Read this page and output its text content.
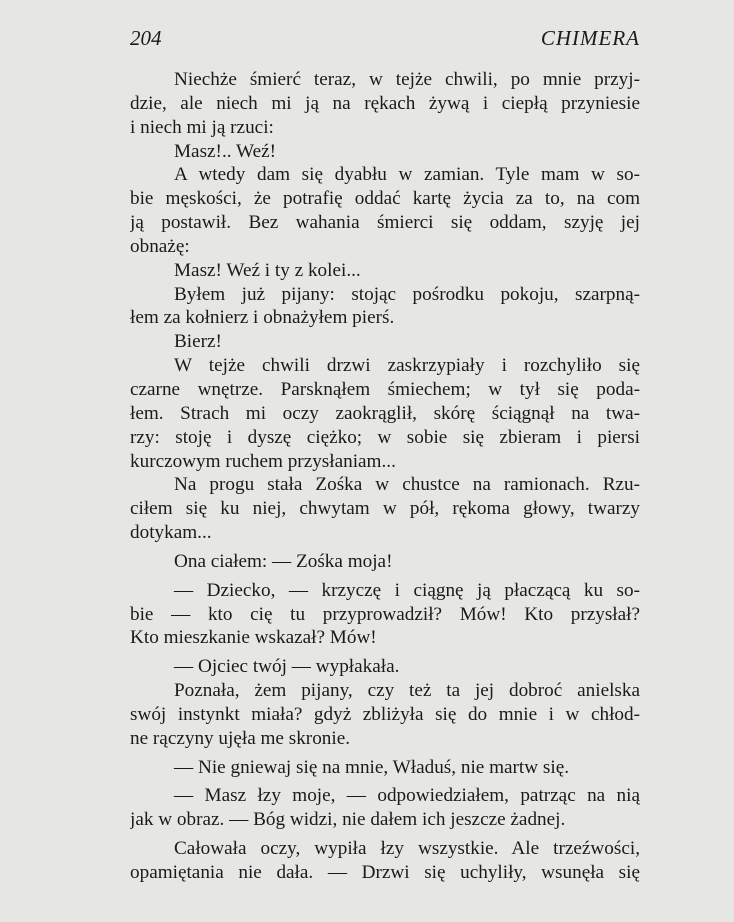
204	CHIMERA
Niechże śmierć teraz, w tejże chwili, po mnie przyj-
dzie, ale niech mi ją na rękach żywą i ciepłą przyniesie
i niech mi ją rzuci:
Masz!.. Weź!
A wtedy dam się dyabłu w zamian. Tyle mam w so-
bie męskości, że potrafię oddać kartę życia za to, na com
ją postawił. Bez wahania śmierci się oddam, szyję jej
obnażę:
Masz! Weź i ty z kolei...
Byłem już pijany: stojąc pośrodku pokoju, szarpną-
łem za kołnierz i obnażyłem pierś.
Bierz!
W tejże chwili drzwi zaskrzypiały i rozchyliło się
czarne wnętrze. Parsknąłem śmiechem; w tył się poda-
łem. Strach mi oczy zaokrąglił, skórę ściągnął na twa-
rzy: stoję i dyszę ciężko; w sobie się zbieram i piersi
kurczowym ruchem przysłaniam...
Na progu stała Zośka w chustce na ramionach. Rzu-
ciłem się ku niej, chwytam w pół, rękoma głowy, twarzy
dotykam...
Ona ciałem: — Zośka moja!
— Dziecko, — krzyczę i ciągnę ją płaczącą ku so-
bie — kto cię tu przyprowadził? Mów! Kto przysłał?
Kto mieszkanie wskazał? Mów!
— Ojciec twój — wypłakała.
Poznała, żem pijany, czy też ta jej dobroć anielska
swój instynkt miała? gdyż zbliżyła się do mnie i w chłod-
ne rączyny ujęła me skronie.
— Nie gniewaj się na mnie, Właduś, nie martw się.
— Masz łzy moje, — odpowiedziałem, patrząc na nią
jak w obraz. — Bóg widzi, nie dałem ich jeszcze żadnej.
Całowała oczy, wypiła łzy wszystkie. Ale trzeźwości,
opamiętania nie dała. — Drzwi się uchyliły, wsunęła się
